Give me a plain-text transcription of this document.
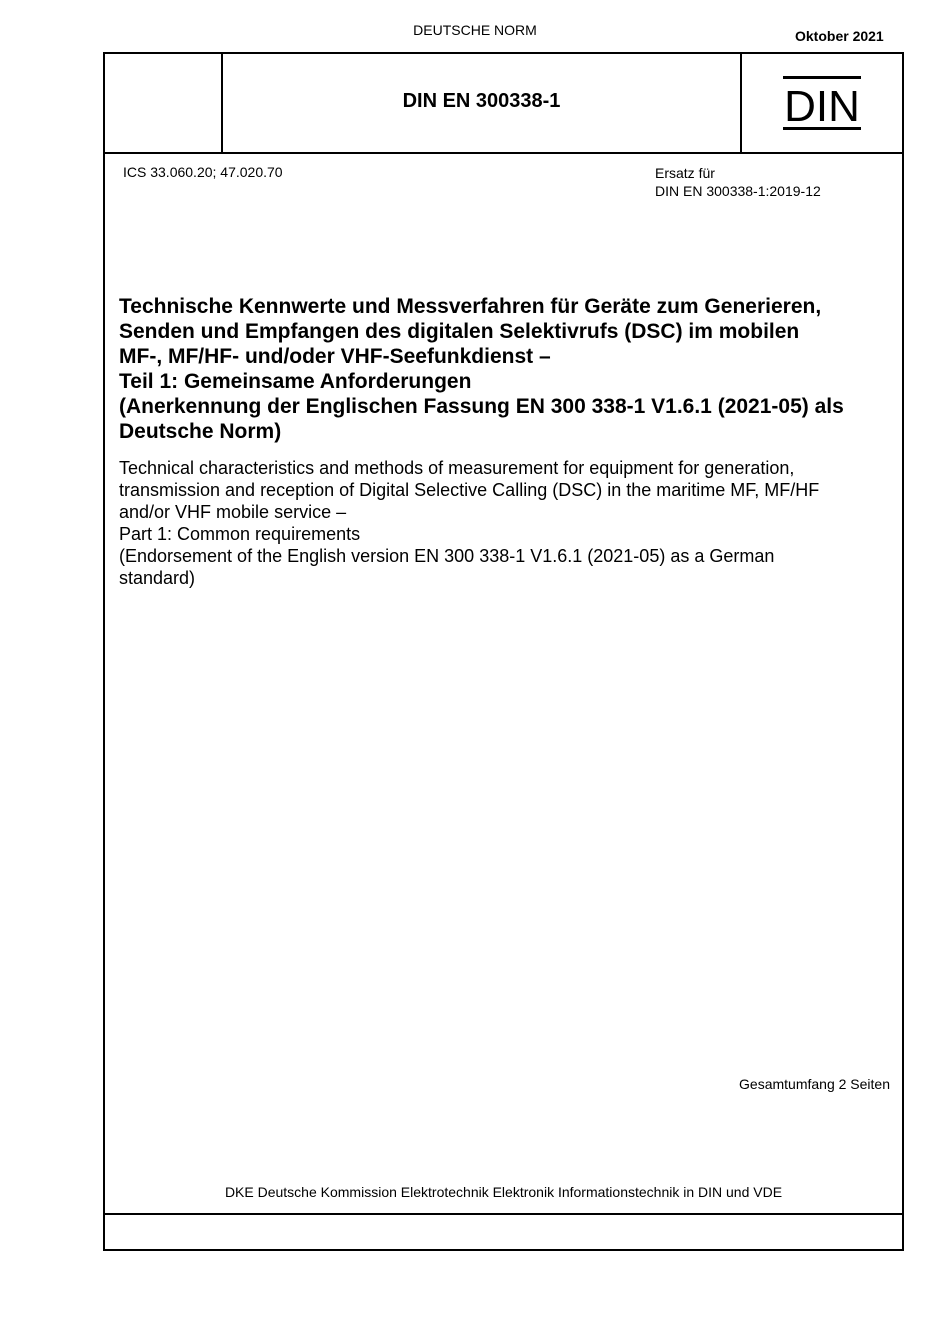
DEUTSCHE NORM	Oktober 2021
DIN EN 300338-1	DIN
ICS 33.060.20; 47.020.70	Ersatz für
DIN EN 300338-1:2019-12
Technische Kennwerte und Messverfahren für Geräte zum Generieren,
Senden und Empfangen des digitalen Selektivrufs (DSC) im mobilen
MF-, MF/HF- und/oder VHF-Seefunkdienst –
Teil 1: Gemeinsame Anforderungen
(Anerkennung der Englischen Fassung EN 300 338-1 V1.6.1 (2021-05) als
Deutsche Norm)
Technical characteristics and methods of measurement for equipment for generation,
transmission and reception of Digital Selective Calling (DSC) in the maritime MF, MF/HF
and/or VHF mobile service –
Part 1: Common requirements
(Endorsement of the English version EN 300 338-1 V1.6.1 (2021-05) as a German
standard)
Gesamtumfang 2 Seiten
DKE Deutsche Kommission Elektrotechnik Elektronik Informationstechnik in DIN und VDE
